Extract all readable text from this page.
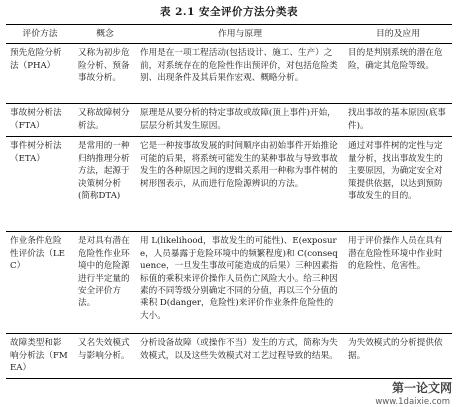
表 2.1 安全评价方法分类表
评价方法	概念	作用与原理	目的及应用
预先危险分析法（PHA）	又称为初步危险分析、预备事故分析。	作用是在一项工程活动(包括设计、施工、生产）之前，对系统存在的危险性作出预评价，对包括危险类别、出现条件及其后果作宏观、概略分析。	目的是判别系统的潜在危险，确定其危险等级。
事故树分析法（FTA）	又称故障树分析法。	原理是从要分析的特定事故或故障(顶上事件)开始，层层分析其发生原因。	找出事故的基本原因(底事件)。
事件树分析法（ETA）	是常用的一种归纳推理分析方法，起源于决策树分析(简称DTA)	它是一种按事故发展的时间顺序由初始事件开始推论可能的后果，将系统可能发生的某种事故与导致事故发生的各种原因之间的逻辑关系用一种称为事件树的树形图表示，从而进行危险源辨识的方法。	通过对事件树的定性与定量分析，找出事故发生的主要原因，为确定安全对策提供依据，以达到预防事故发生的目的。
作业条件危险性评价法（LEC）	是对具有潜在危险性作业环境中的危险源进行半定量的安全评价方法。	用 L(likelihood，事故发生的可能性)、E(exposure，人员暴露于危险环境中的频繁程度)和 C(consequence，一旦发生事故可能造成的后果）三种因素指标值的乘积来评价操作人员伤亡风险大小。给三种因素的不同等级分别确定不同的分值，再以三个分值的乘积 D(danger，危险性)来评价作业条件危险性的大小。	用于评价操作人员在具有潜在危险性环境中作业时的危险性、危害性。
故障类型和影响分析法（FMEA）	又名失效模式与影响分析。	分析设备故障（或操作不当）发生的方式，简称为失效模式，以及这些失效模式对工艺过程导致的结果。	为失效模式的分析提供依据。
第一论文网
www.1daixie.com
